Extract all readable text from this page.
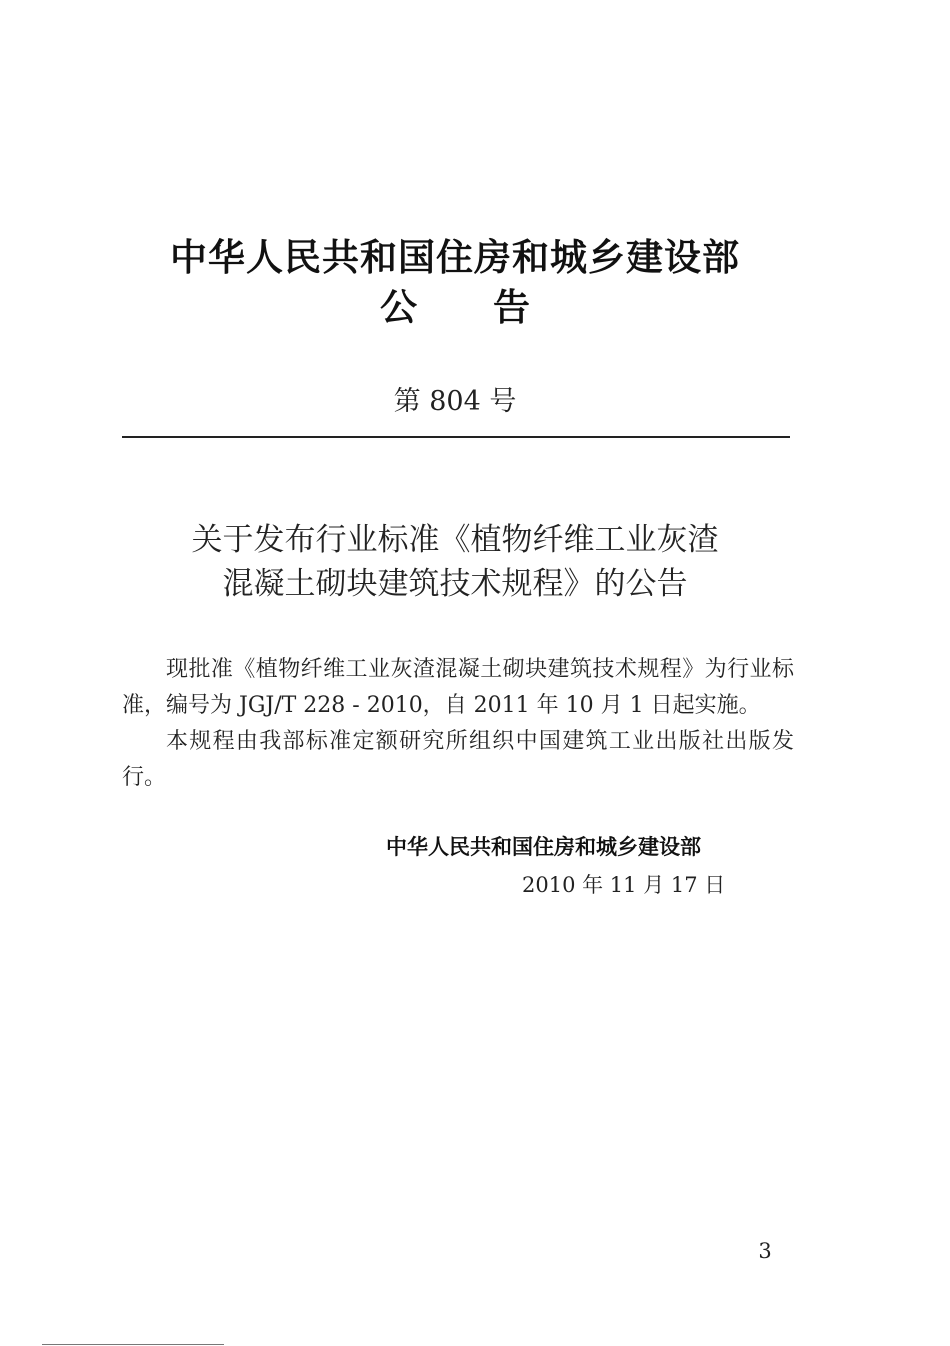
中华人民共和国住房和城乡建设部
公 告
第 804 号
关于发布行业标准《植物纤维工业灰渣
混凝土砌块建筑技术规程》的公告

现批准《植物纤维工业灰渣混凝土砌块建筑技术规程》为行业标准，编号为 JGJ/T 228 - 2010，自 2011 年 10 月 1 日起实施。

本规程由我部标准定额研究所组织中国建筑工业出版社出版发行。

中华人民共和国住房和城乡建设部
2010 年 11 月 17 日
3
